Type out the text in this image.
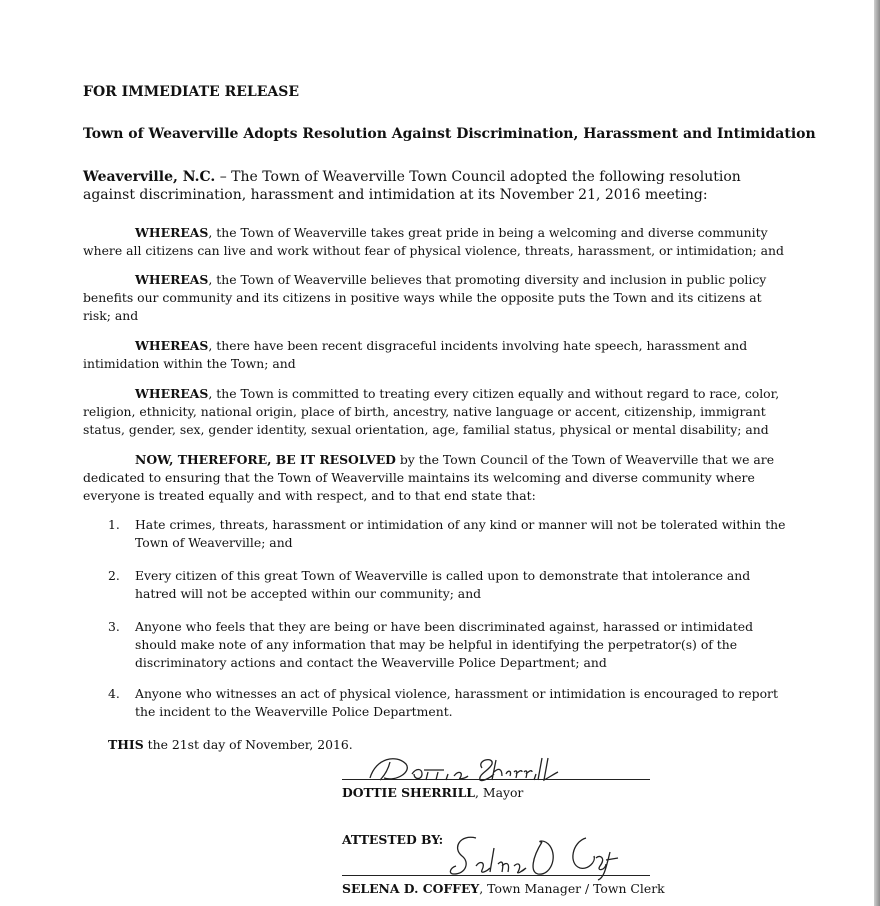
FOR IMMEDIATE RELEASE
Town of Weaverville Adopts Resolution Against Discrimination, Harassment and Intimidation
Weaverville, N.C. – The Town of Weaverville Town Council adopted the following resolution against discrimination, harassment and intimidation at its November 21, 2016 meeting:
WHEREAS, the Town of Weaverville takes great pride in being a welcoming and diverse community where all citizens can live and work without fear of physical violence, threats, harassment, or intimidation; and
WHEREAS, the Town of Weaverville believes that promoting diversity and inclusion in public policy benefits our community and its citizens in positive ways while the opposite puts the Town and its citizens at risk; and
WHEREAS, there have been recent disgraceful incidents involving hate speech, harassment and intimidation within the Town; and
WHEREAS, the Town is committed to treating every citizen equally and without regard to race, color, religion, ethnicity, national origin, place of birth, ancestry, native language or accent, citizenship, immigrant status, gender, sex, gender identity, sexual orientation, age, familial status, physical or mental disability; and
NOW, THEREFORE, BE IT RESOLVED by the Town Council of the Town of Weaverville that we are dedicated to ensuring that the Town of Weaverville maintains its welcoming and diverse community where everyone is treated equally and with respect, and to that end state that:
1. Hate crimes, threats, harassment or intimidation of any kind or manner will not be tolerated within the Town of Weaverville; and
2. Every citizen of this great Town of Weaverville is called upon to demonstrate that intolerance and hatred will not be accepted within our community; and
3. Anyone who feels that they are being or have been discriminated against, harassed or intimidated should make note of any information that may be helpful in identifying the perpetrator(s) of the discriminatory actions and contact the Weaverville Police Department; and
4. Anyone who witnesses an act of physical violence, harassment or intimidation is encouraged to report the incident to the Weaverville Police Department.
THIS the 21st day of November, 2016.
DOTTIE SHERRILL, Mayor
ATTESTED BY:
SELENA D. COFFEY, Town Manager / Town Clerk
